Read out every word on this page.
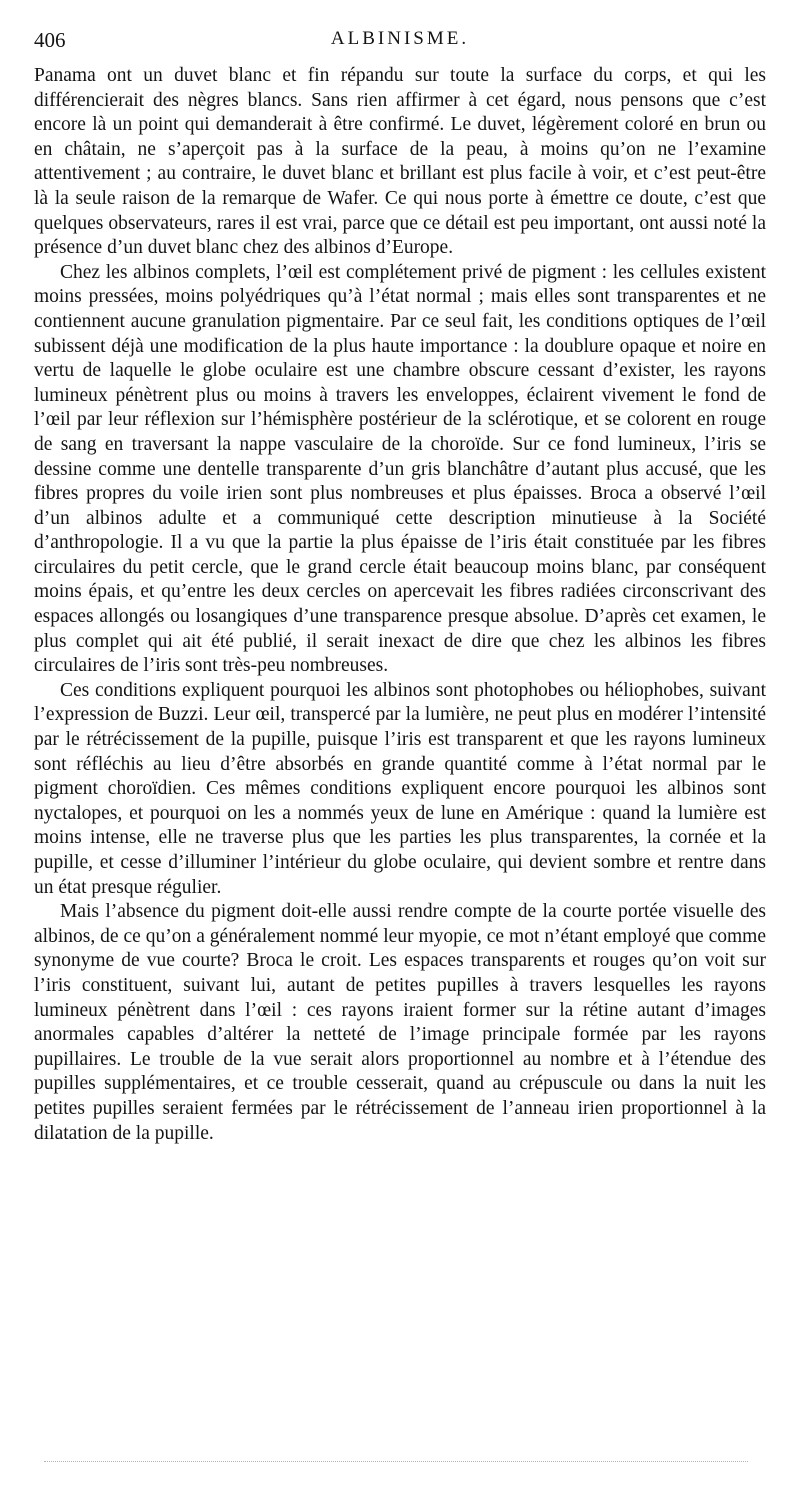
406	ALBINISME.

Panama ont un duvet blanc et fin répandu sur toute la surface du corps, et qui les différencierait des nègres blancs. Sans rien affirmer à cet égard, nous pensons que c’est encore là un point qui demanderait à être confirmé. Le duvet, légèrement coloré en brun ou en châtain, ne s’aperçoit pas à la surface de la peau, à moins qu’on ne l’examine attentivement ; au contraire, le duvet blanc et brillant est plus facile à voir, et c’est peut-être là la seule raison de la remarque de Wafer. Ce qui nous porte à émettre ce doute, c’est que quelques observateurs, rares il est vrai, parce que ce détail est peu important, ont aussi noté la présence d’un duvet blanc chez des albinos d’Europe.

Chez les albinos complets, l’œil est complétement privé de pigment : les cellules existent moins pressées, moins polyédriques qu’à l’état normal ; mais elles sont transparentes et ne contiennent aucune granulation pigmentaire. Par ce seul fait, les conditions optiques de l’œil subissent déjà une modification de la plus haute importance : la doublure opaque et noire en vertu de laquelle le globe oculaire est une chambre obscure cessant d’exister, les rayons lumineux pénètrent plus ou moins à travers les enveloppes, éclairent vivement le fond de l’œil par leur réflexion sur l’hémisphère postérieur de la sclérotique, et se colorent en rouge de sang en traversant la nappe vasculaire de la choroïde. Sur ce fond lumineux, l’iris se dessine comme une dentelle transparente d’un gris blanchâtre d’autant plus accusé, que les fibres propres du voile irien sont plus nombreuses et plus épaisses. Broca a observé l’œil d’un albinos adulte et a communiqué cette description minutieuse à la Société d’anthropologie. Il a vu que la partie la plus épaisse de l’iris était constituée par les fibres circulaires du petit cercle, que le grand cercle était beaucoup moins blanc, par conséquent moins épais, et qu’entre les deux cercles on apercevait les fibres radiées circonscrivant des espaces allongés ou losangiques d’une transparence presque absolue. D’après cet examen, le plus complet qui ait été publié, il serait inexact de dire que chez les albinos les fibres circulaires de l’iris sont très-peu nombreuses.

Ces conditions expliquent pourquoi les albinos sont photophobes ou héliophobes, suivant l’expression de Buzzi. Leur œil, transpercé par la lumière, ne peut plus en modérer l’intensité par le rétrécissement de la pupille, puisque l’iris est transparent et que les rayons lumineux sont réfléchis au lieu d’être absorbés en grande quantité comme à l’état normal par le pigment choroïdien. Ces mêmes conditions expliquent encore pourquoi les albinos sont nyctalopes, et pourquoi on les a nommés yeux de lune en Amérique : quand la lumière est moins intense, elle ne traverse plus que les parties les plus transparentes, la cornée et la pupille, et cesse d’illuminer l’intérieur du globe oculaire, qui devient sombre et rentre dans un état presque régulier.

Mais l’absence du pigment doit-elle aussi rendre compte de la courte portée visuelle des albinos, de ce qu’on a généralement nommé leur myopie, ce mot n’étant employé que comme synonyme de vue courte? Broca le croit. Les espaces transparents et rouges qu’on voit sur l’iris constituent, suivant lui, autant de petites pupilles à travers lesquelles les rayons lumineux pénètrent dans l’œil : ces rayons iraient former sur la rétine autant d’images anormales capables d’altérer la netteté de l’image principale formée par les rayons pupillaires. Le trouble de la vue serait alors proportionnel au nombre et à l’étendue des pupilles supplémentaires, et ce trouble cesserait, quand au crépuscule ou dans la nuit les petites pupilles seraient fermées par le rétrécissement de l’anneau irien proportionnel à la dilatation de la pupille.
